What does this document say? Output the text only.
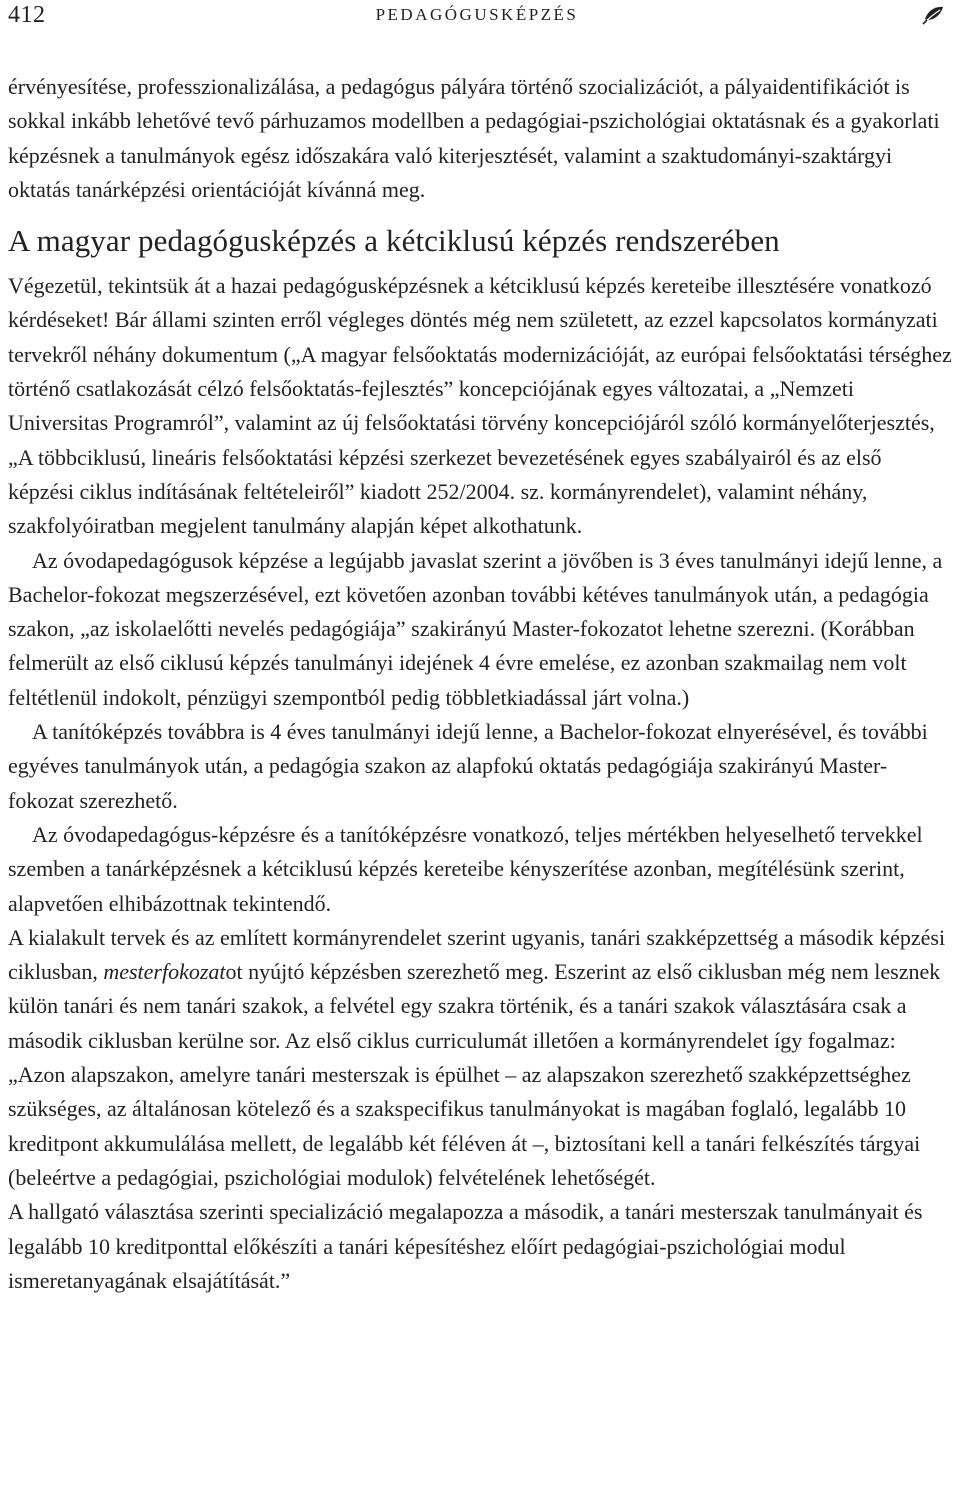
412	PEDAGÓGUSKÉPZÉS

érvényesítése, professzionalizálása, a pedagógus pályára történő szocializációt, a pályaidentifikációt is sokkal inkább lehetővé tevő párhuzamos modellben a pedagógiai-pszichológiai oktatásnak és a gyakorlati képzésnek a tanulmányok egész időszakára való kiterjesztését, valamint a szaktudományi-szaktárgyi oktatás tanárképzési orientációját kívánná meg.

A magyar pedagógusképzés a kétciklusú képzés rendszerében

Végezetül, tekintsük át a hazai pedagógusképzésnek a kétciklusú képzés kereteibe illesztésére vonatkozó kérdéseket! Bár állami szinten erről végleges döntés még nem született, az ezzel kapcsolatos kormányzati tervekről néhány dokumentum („A magyar felsőoktatás modernizációját, az európai felsőoktatási térséghez történő csatlakozását célzó felsőoktatás-fejlesztés” koncepciójának egyes változatai, a „Nemzeti Universitas Programról”, valamint az új felsőoktatási törvény koncepciójáról szóló kormányelőterjesztés, „A többciklusú, lineáris felsőoktatási képzési szerkezet bevezetésének egyes szabályairól és az első képzési ciklus indításának feltételeiről” kiadott 252/2004. sz. kormányrendelet), valamint néhány, szakfolyóiratban megjelent tanulmány alapján képet alkothatunk.

Az óvodapedagógusok képzése a legújabb javaslat szerint a jövőben is 3 éves tanulmányi idejű lenne, a Bachelor-fokozat megszerzésével, ezt követően azonban további kétéves tanulmányok után, a pedagógia szakon, „az iskolaelőtti nevelés pedagógiája” szakirányú Master-fokozatot lehetne szerezni. (Korábban felmerült az első ciklusú képzés tanulmányi idejének 4 évre emelése, ez azonban szakmailag nem volt feltétlenül indokolt, pénzügyi szempontból pedig többletkiadással járt volna.)

A tanítóképzés továbbra is 4 éves tanulmányi idejű lenne, a Bachelor-fokozat elnyerésével, és további egyéves tanulmányok után, a pedagógia szakon az alapfokú oktatás pedagógiája szakirányú Master-fokozat szerezhető.

Az óvodapedagógus-képzésre és a tanítóképzésre vonatkozó, teljes mértékben helyeselhető tervekkel szemben a tanárképzésnek a kétciklusú képzés kereteibe kényszerítése azonban, megítélésünk szerint, alapvetően elhibázottnak tekintendő.

A kialakult tervek és az említett kormányrendelet szerint ugyanis, tanári szakképzettség a második képzési ciklusban, mesterfokozatot nyújtó képzésben szerezhető meg. Eszerint az első ciklusban még nem lesznek külön tanári és nem tanári szakok, a felvétel egy szakra történik, és a tanári szakok választására csak a második ciklusban kerülne sor. Az első ciklus curriculumát illetően a kormányrendelet így fogalmaz: „Azon alapszakon, amelyre tanári mesterszak is épülhet – az alapszakon szerezhető szakképzettséghez szükséges, az általánosan kötelező és a szakspecifikus tanulmányokat is magában foglaló, legalább 10 kreditpont akkumulálása mellett, de legalább két féléven át –, biztosítani kell a tanári felkészítés tárgyai (beleértve a pedagógiai, pszichológiai modulok) felvételének lehetőségét.

A hallgató választása szerinti specializáció megalapozza a második, a tanári mesterszak tanulmányait és legalább 10 kreditponttal előkészíti a tanári képesítéshez előírt pedagógiai-pszichológiai modul ismeretanyagának elsajátítását.”
